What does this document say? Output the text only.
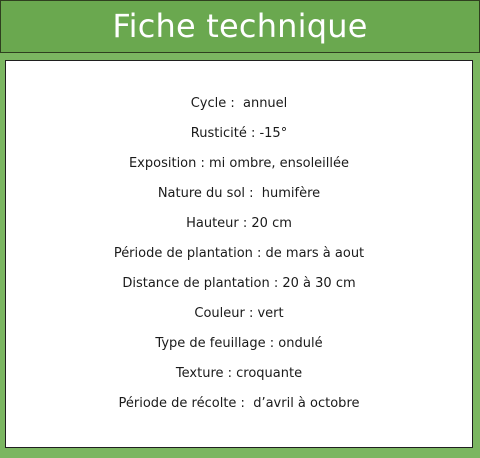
Fiche technique
Cycle :  annuel
Rusticité : -15°
Exposition : mi ombre, ensoleillée
Nature du sol :  humifère
Hauteur : 20 cm
Période de plantation : de mars à aout
Distance de plantation : 20 à 30 cm
Couleur : vert
Type de feuillage : ondulé
Texture : croquante
Période de récolte :  d’avril à octobre
